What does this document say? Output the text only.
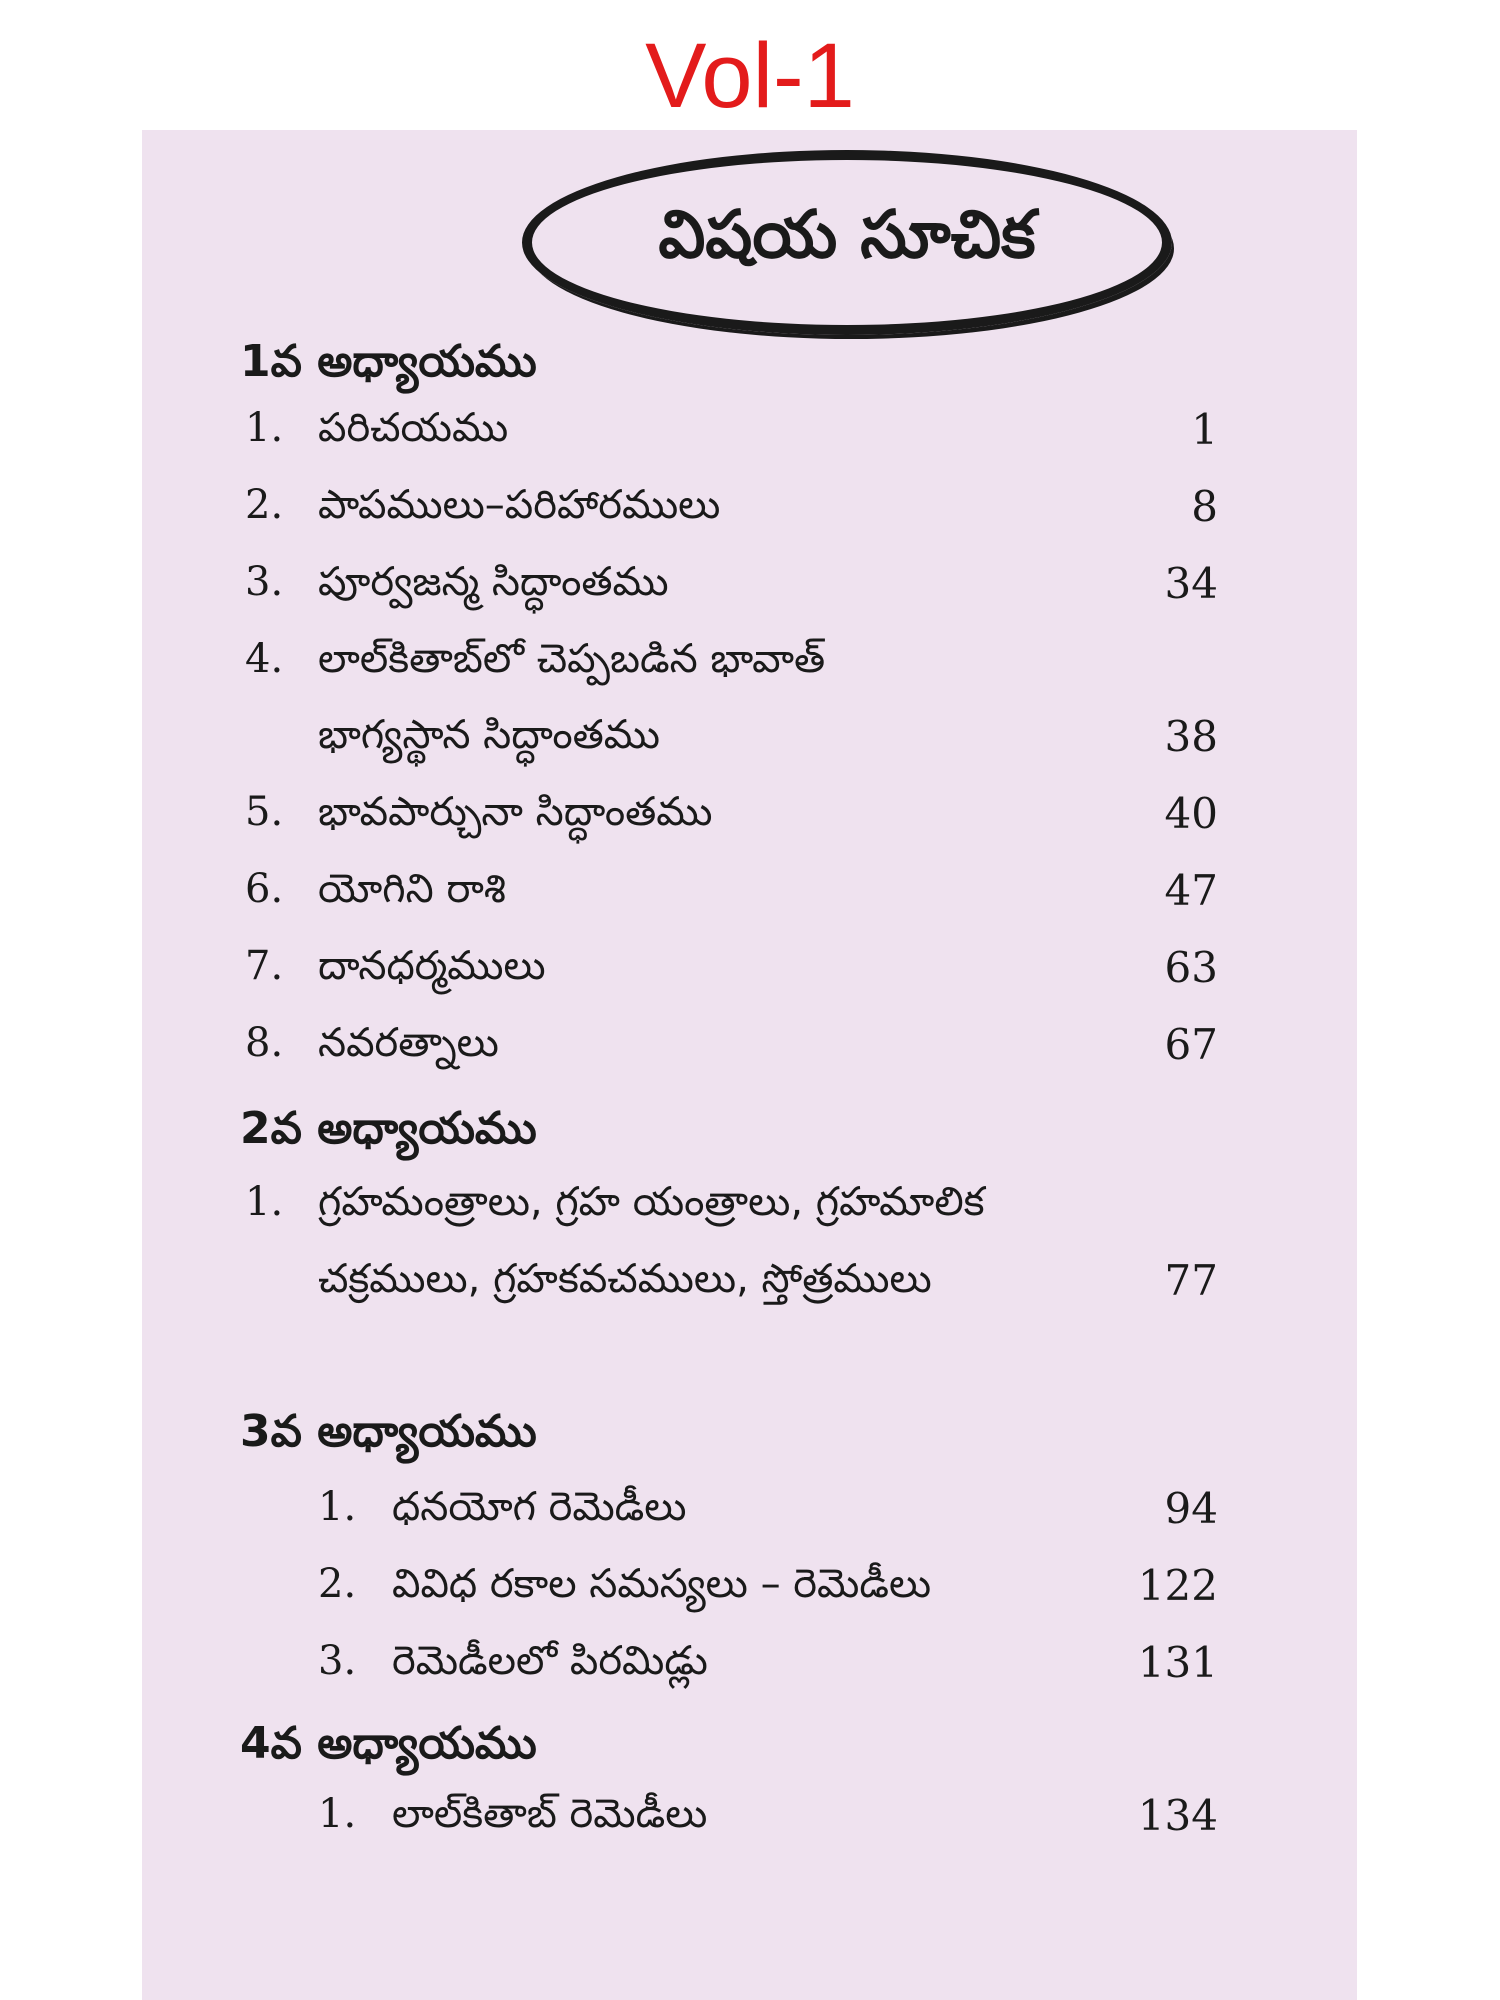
Vol-1

విషయ సూచిక
1వ అధ్యాయము
1. పరిచయము	1
2. పాపములు–పరిహారములు	8
3. పూర్వజన్మ సిద్ధాంతము	34
4. లాల్‌కితాబ్‌లో చెప్పబడిన భావాత్
భాగ్యస్థాన సిద్ధాంతము	38
5. భావపార్చునా సిద్ధాంతము	40
6. యోగిని రాశి	47
7. దానధర్మములు	63
8. నవరత్నాలు	67
2వ అధ్యాయము
1. గ్రహమంత్రాలు, గ్రహ యంత్రాలు, గ్రహమాలిక
చక్రములు, గ్రహకవచములు, స్తోత్రములు	77
3వ అధ్యాయము
1. ధనయోగ రెమెడీలు	94
2. వివిధ రకాల సమస్యలు – రెమెడీలు	122
3. రెమెడీలలో పిరమిడ్లు	131
4వ అధ్యాయము
1. లాల్‌కితాబ్ రెమెడీలు	134
